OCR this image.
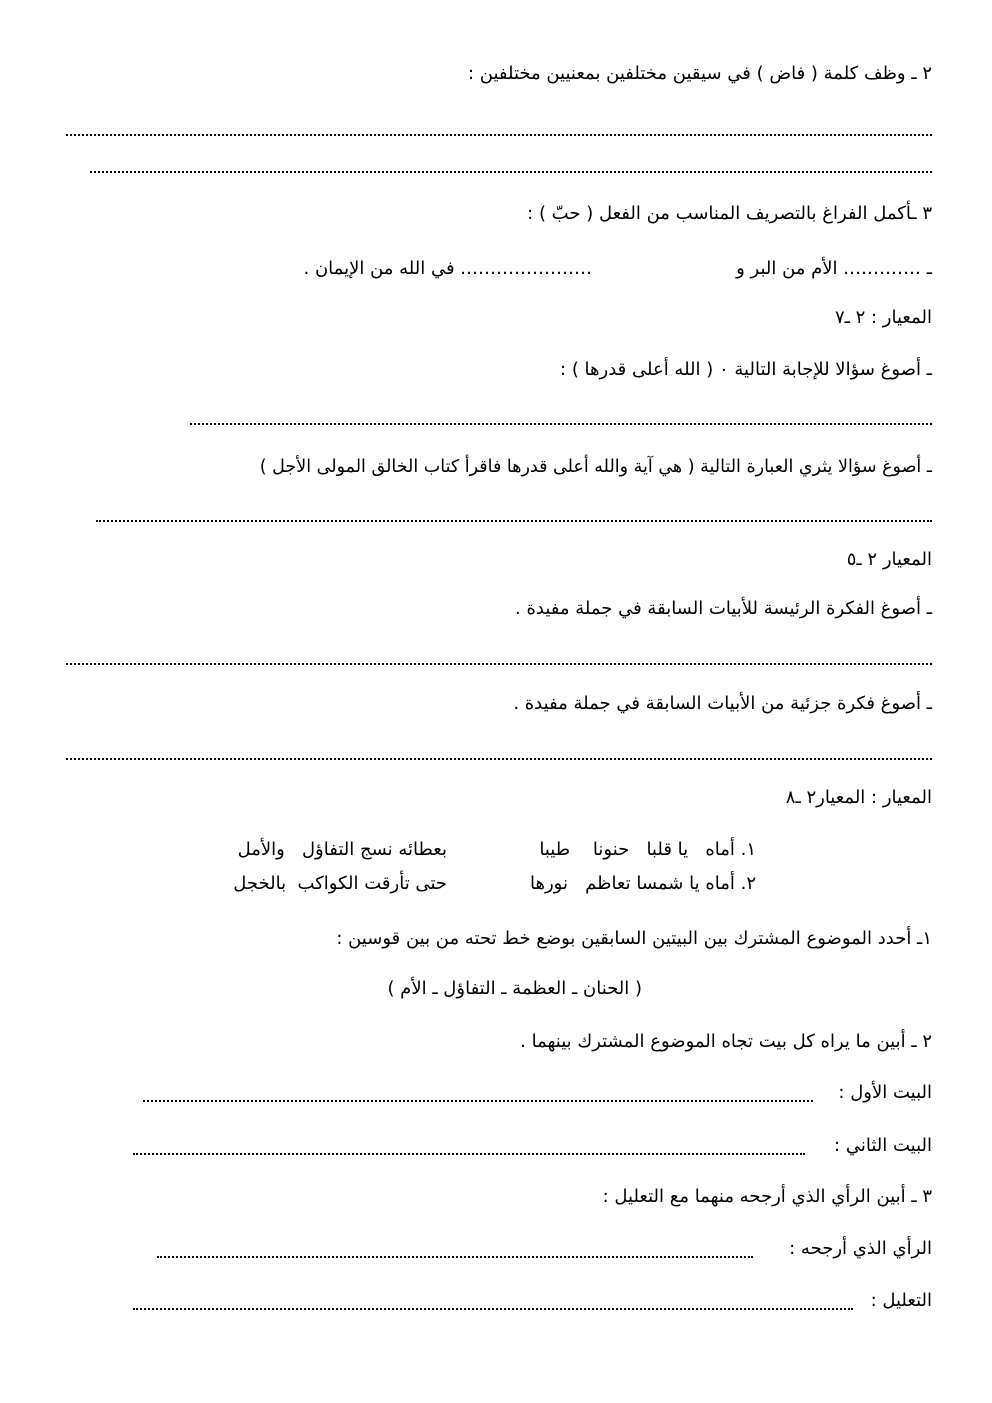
٢ ـ وظف كلمة ( فاض ) في سيقين مختلفين بمعنيين مختلفين :
٣ ـأكمل الفراغ بالتصريف المناسب من الفعل ( حبّ ) :
ـ …………. الأم من البر و
…………………. في الله من الإيمان .
المعيار : ٢ ـ٧
ـ أصوغ سؤالا للإجابة التالية ٠ ( الله أعلى قدرها ) :
ـ أصوغ سؤالا يثري العبارة التالية ( هي آية والله أعلى قدرها فاقرأ كتاب الخالق المولى الأجل )
المعيار ٢ ـ٥
ـ أصوغ الفكرة الرئيسة للأبيات السابقة في جملة مفيدة .
ـ أصوغ فكرة جزئية من الأبيات السابقة في جملة مفيدة .
المعيار : المعيار٢ ـ٨
١. أماه   يا قلبا   حنونا    طيبا
بعطائه نسج التفاؤل   والأمل
٢. أماه يا شمسا تعاظم   نورها
حتى تأرقت الكواكب  بالخجل
١ـ أحدد الموضوع المشترك بين البيتين السابقين بوضع خط تحته من بين قوسين :
( الحنان ـ العظمة ـ التفاؤل ـ الأم )
٢ ـ أبين ما يراه كل بيت تجاه الموضوع المشترك بينهما .
البيت الأول :
البيت الثاني :
٣ ـ أبين الرأي الذي أرجحه منهما مع التعليل :
الرأي الذي أرجحه :
التعليل :
